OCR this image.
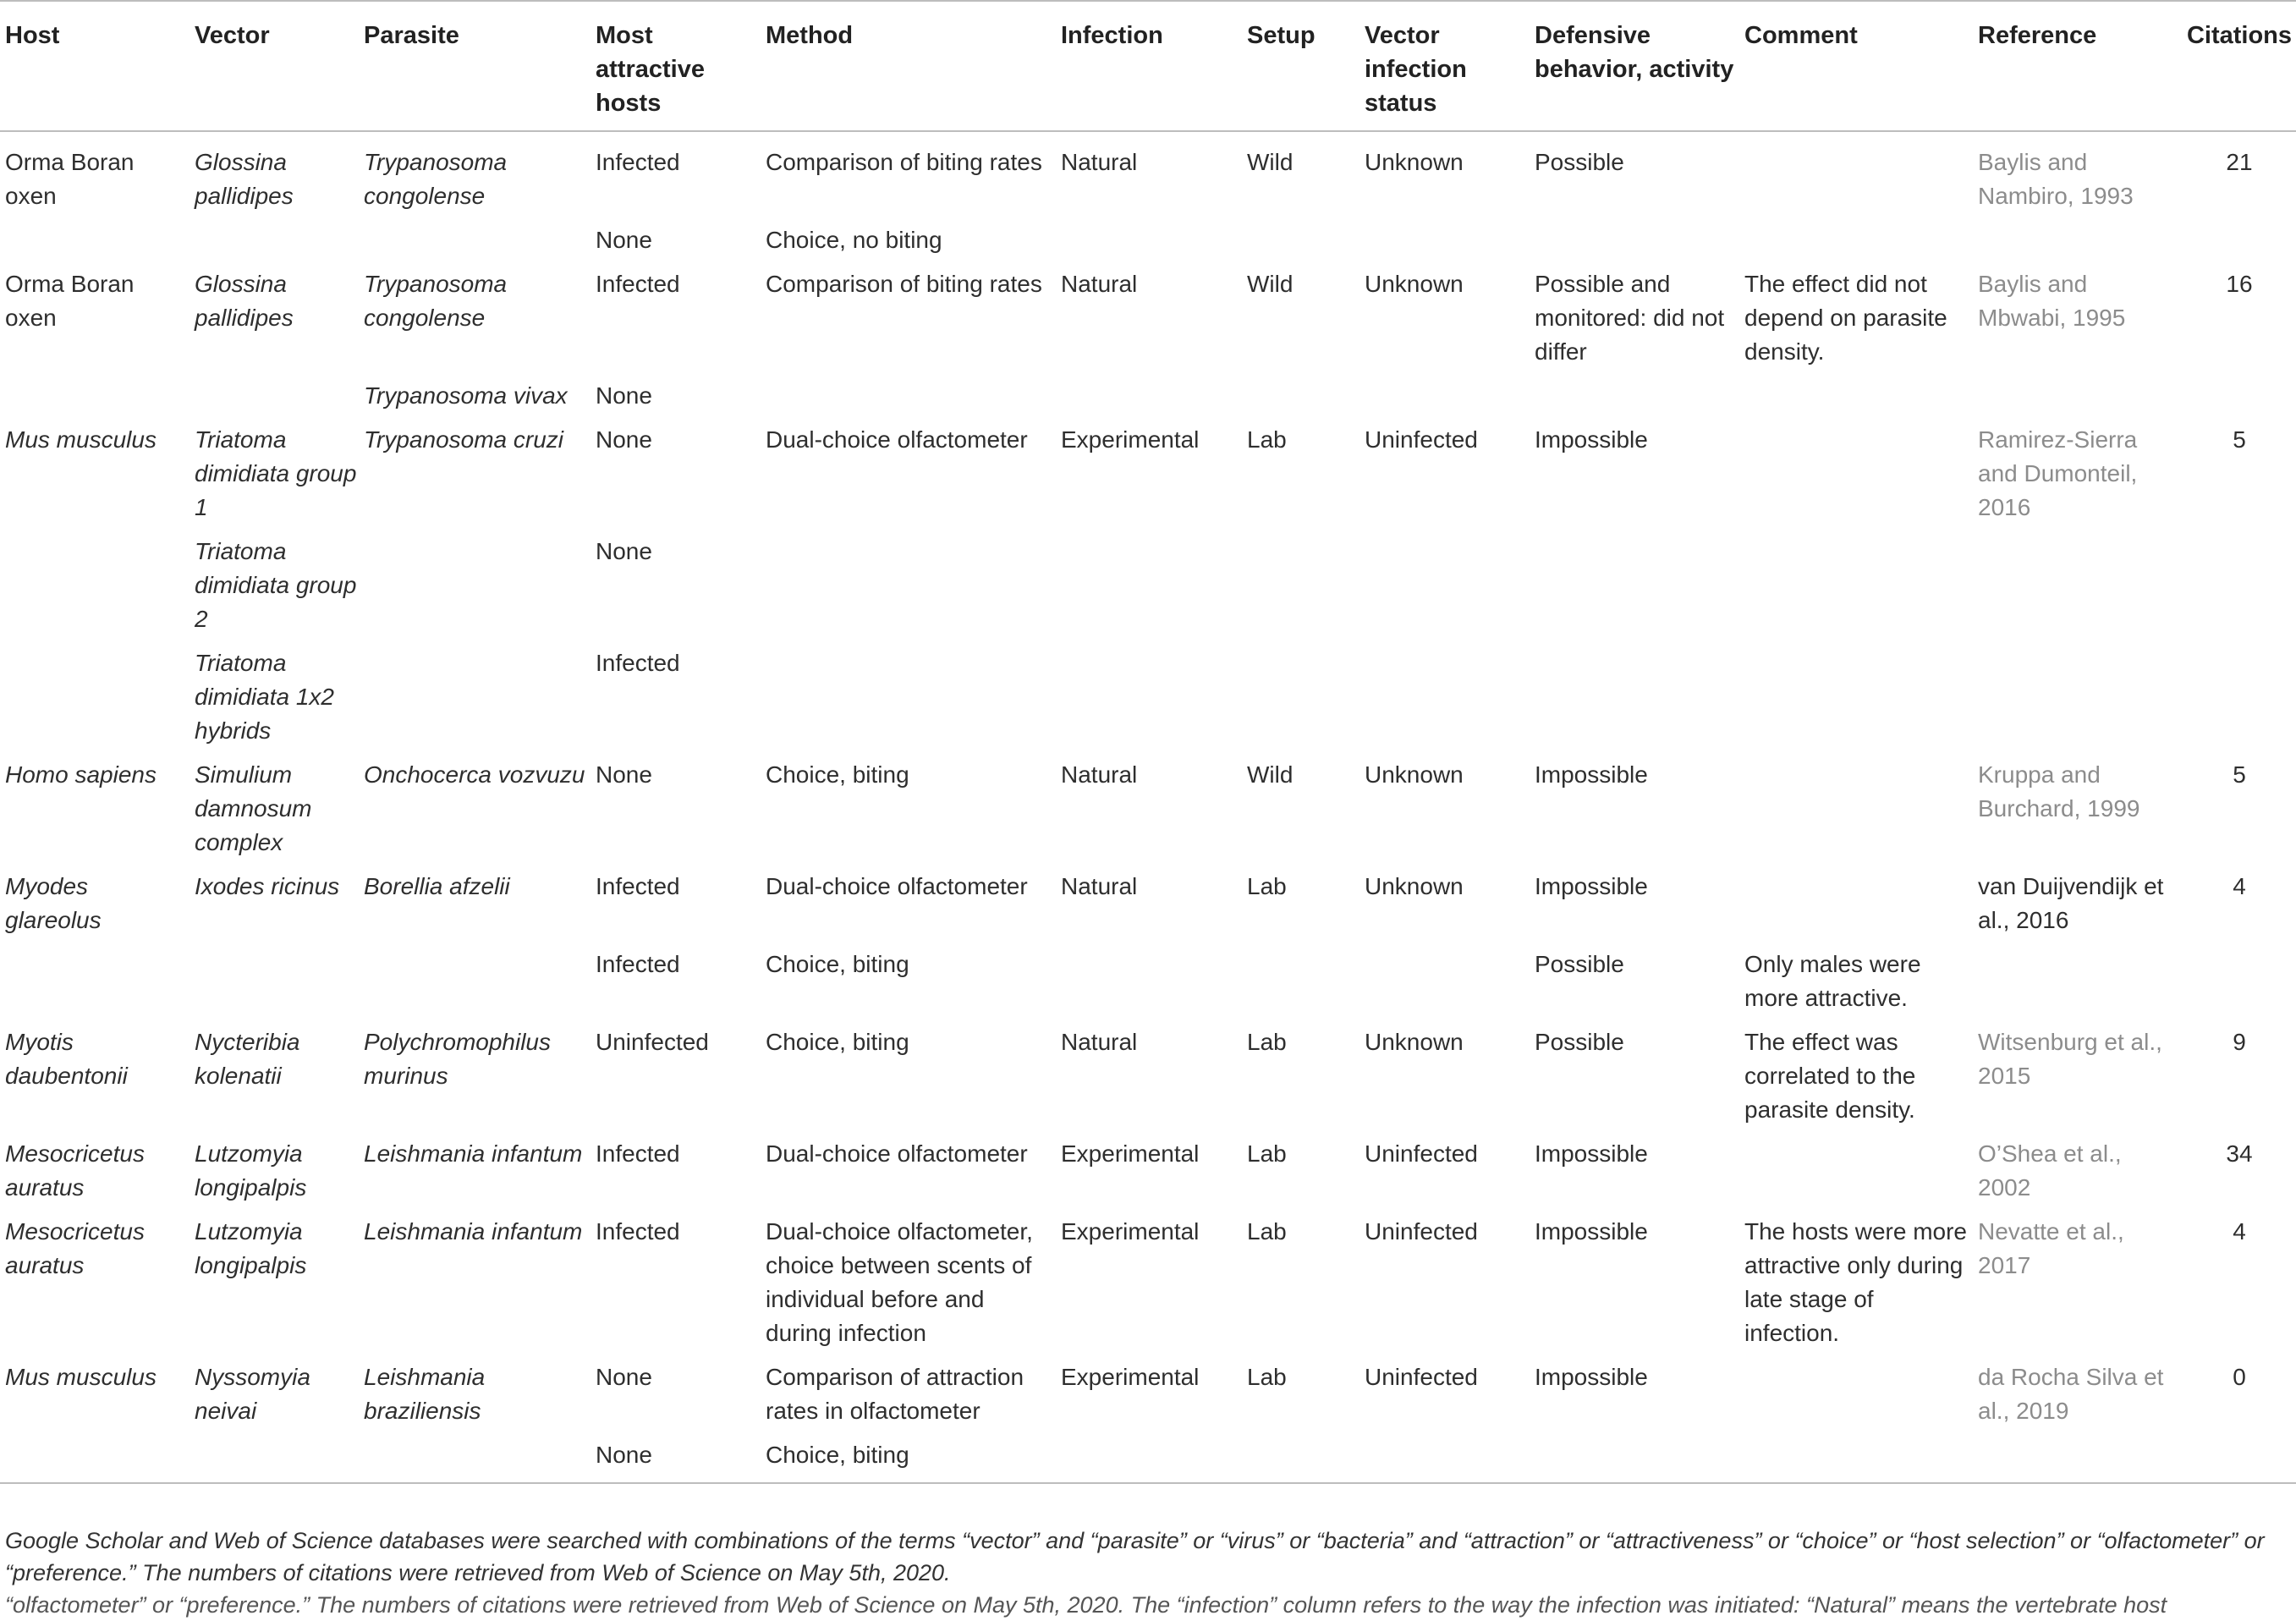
Host	Vector	Parasite	Most attractive hosts	Method	Infection	Setup	Vector infection status	Defensive behavior, activity	Comment	Reference	Citations
Orma Boran oxen	Glossina pallidipes	Trypanosoma congolense	Infected	Comparison of biting rates	Natural	Wild	Unknown	Possible		Baylis and Nambiro, 1993	21
			None	Choice, no biting							
Orma Boran oxen	Glossina pallidipes	Trypanosoma congolense	Infected	Comparison of biting rates	Natural	Wild	Unknown	Possible and monitored: did not differ	The effect did not depend on parasite density.	Baylis and Mbwabi, 1995	16
		Trypanosoma vivax	None								
Mus musculus	Triatoma dimidiata group 1	Trypanosoma cruzi	None	Dual-choice olfactometer	Experimental	Lab	Uninfected	Impossible		Ramirez-Sierra and Dumonteil, 2016	5
	Triatoma dimidiata group 2		None								
	Triatoma dimidiata 1x2 hybrids		Infected								
Homo sapiens	Simulium damnosum complex	Onchocerca vozvuzu	None	Choice, biting	Natural	Wild	Unknown	Impossible		Kruppa and Burchard, 1999	5
Myodes glareolus	Ixodes ricinus	Borellia afzelii	Infected	Dual-choice olfactometer	Natural	Lab	Unknown	Impossible		van Duijvendijk et al., 2016	4
			Infected	Choice, biting				Possible	Only males were more attractive.		
Myotis daubentonii	Nycteribia kolenatii	Polychromophilus murinus	Uninfected	Choice, biting	Natural	Lab	Unknown	Possible	The effect was correlated to the parasite density.	Witsenburg et al., 2015	9
Mesocricetus auratus	Lutzomyia longipalpis	Leishmania infantum	Infected	Dual-choice olfactometer	Experimental	Lab	Uninfected	Impossible		O’Shea et al., 2002	34
Mesocricetus auratus	Lutzomyia longipalpis	Leishmania infantum	Infected	Dual-choice olfactometer, choice between scents of individual before and during infection	Experimental	Lab	Uninfected	Impossible	The hosts were more attractive only during late stage of infection.	Nevatte et al., 2017	4
Mus musculus	Nyssomyia neivai	Leishmania braziliensis	None	Comparison of attraction rates in olfactometer	Experimental	Lab	Uninfected	Impossible		da Rocha Silva et al., 2019	0
			None	Choice, biting							

Google Scholar and Web of Science databases were searched with combinations of the terms “vector” and “parasite” or “virus” or “bacteria” and “attraction” or “attractiveness” or “choice” or “host selection” or “olfactometer” or “preference.” The numbers of citations were retrieved from Web of Science on May 5th, 2020.

“olfactometer” or “preference.” The numbers of citations were retrieved from Web of Science on May 5th, 2020. The “infection” column refers to the way the infection was initiated: “Natural” means the vertebrate host
